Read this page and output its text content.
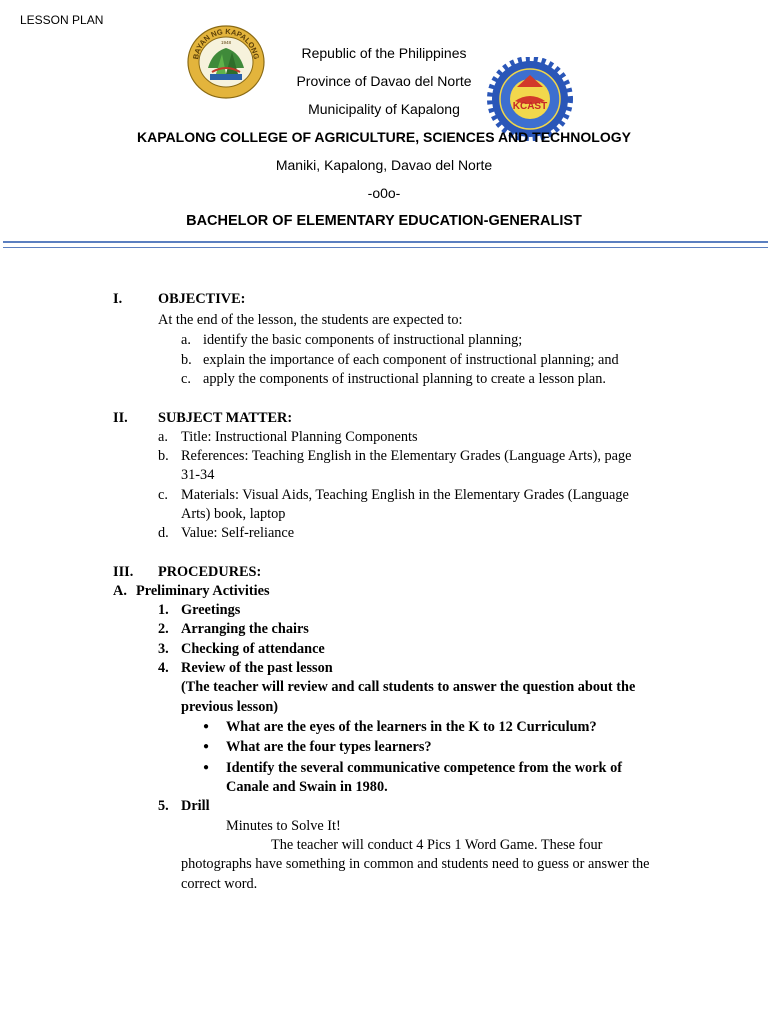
LESSON PLAN
BAYAN NG KAPALONG
1948
KCAST
Republic of the Philippines
Province of Davao del Norte
Municipality of Kapalong
KAPALONG COLLEGE OF AGRICULTURE, SCIENCES AND TECHNOLOGY
Maniki, Kapalong, Davao del Norte
-o0o-
BACHELOR OF ELEMENTARY EDUCATION-GENERALIST
I.	OBJECTIVE:
At the end of the lesson, the students are expected to:
a. identify the basic components of instructional planning;
b. explain the importance of each component of instructional planning; and
c. apply the components of instructional planning to create a lesson plan.
II. SUBJECT MATTER:
a. Title: Instructional Planning Components
b. References: Teaching English in the Elementary Grades (Language Arts), page
31-34
c. Materials: Visual Aids, Teaching English in the Elementary Grades (Language
Arts) book, laptop
d. Value: Self-reliance
III. PROCEDURES:
A. Preliminary Activities
1. Greetings
2. Arranging the chairs
3. Checking of attendance
4. Review of the past lesson
(The teacher will review and call students to answer the question about the
previous lesson)
● What are the eyes of the learners in the K to 12 Curriculum?
● What are the four types learners?
● Identify the several communicative competence from the work of
Canale and Swain in 1980.
5. Drill
Minutes to Solve It!
The teacher will conduct 4 Pics 1 Word Game. These four
photographs have something in common and students need to guess or answer the
correct word.
